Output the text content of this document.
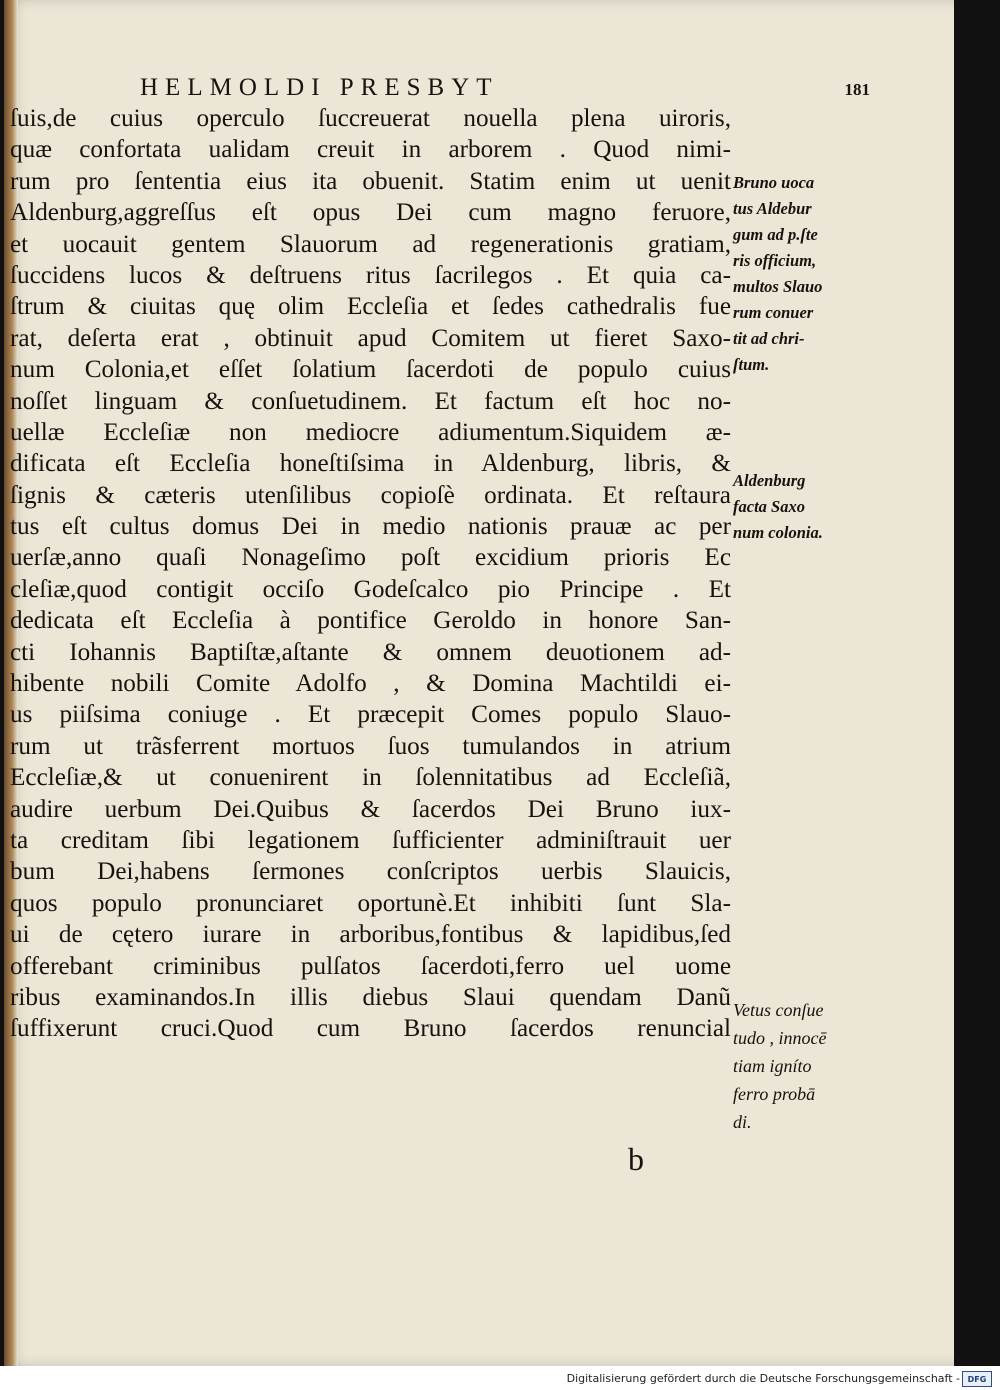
HELMOLDI PRESBYT	181
ſuis,de cuius operculo ſuccreuerat nouella plena uiroris,
quæ confortata ualidam creuit in arborem . Quod nimi-
rum pro ſententia eius ita obuenit. Statim enim ut uenit
Aldenburg,aggreſſus eſt opus Dei cum magno feruore,
et uocauit gentem Slauorum ad regenerationis gratiam,
ſuccidens lucos & deſtruens ritus ſacrilegos . Et quia ca-
ſtrum & ciuitas quę olim Eccleſia et ſedes cathedralis fue
rat, deſerta erat , obtinuit apud Comitem ut fieret Saxo-
num Colonia,et eſſet ſolatium ſacerdoti de populo cuius
noſſet linguam & conſuetudinem. Et factum eſt hoc no-
uellæ Eccleſiæ non mediocre adiumentum.Siquidem æ-
dificata eſt Eccleſia honeſtiſsima in Aldenburg, libris, &
ſignis & cæteris utenſilibus copioſè ordinata. Et reſtaura
tus eſt cultus domus Dei in medio nationis prauæ ac per
uerſæ,anno quaſi Nonageſimo poſt excidium prioris Ec
cleſiæ,quod contigit occiſo Godeſcalco pio Principe . Et
dedicata eſt Eccleſia à pontifice Geroldo in honore San-
cti Iohannis Baptiſtæ,aſtante & omnem deuotionem ad-
hibente nobili Comite Adolfo , & Domina Machtildi ei-
us piiſsima coniuge . Et præcepit Comes populo Slauo-
rum ut trãsferrent mortuos ſuos tumulandos in atrium
Eccleſiæ,& ut conuenirent in ſolennitatibus ad Eccleſiã,
audire uerbum Dei.Quibus & ſacerdos Dei Bruno iux-
ta creditam ſibi legationem ſufficienter adminiſtrauit uer
bum Dei,habens ſermones conſcriptos uerbis Slauicis,
quos populo pronunciaret oportunè.Et inhibiti ſunt Sla-
ui de cętero iurare in arboribus,fontibus & lapidibus,ſed
offerebant criminibus pulſatos ſacerdoti,ferro uel uome
ribus examinandos.In illis diebus Slaui quendam Danũ
ſuffixerunt cruci.Quod cum Bruno ſacerdos renuncial
Bruno uoca
tus Aldebur
gum ad p.ſte
ris officium,
multos Slauo
rum conuer
tit ad chri-
ſtum.
Aldenburg
facta Saxo
num colonia.
Vetus conſue
tudo , innocē
tiam igníto
ferro probā
di.
b
Digitalisierung gefördert durch die Deutsche Forschungsgemeinschaft - DFG
